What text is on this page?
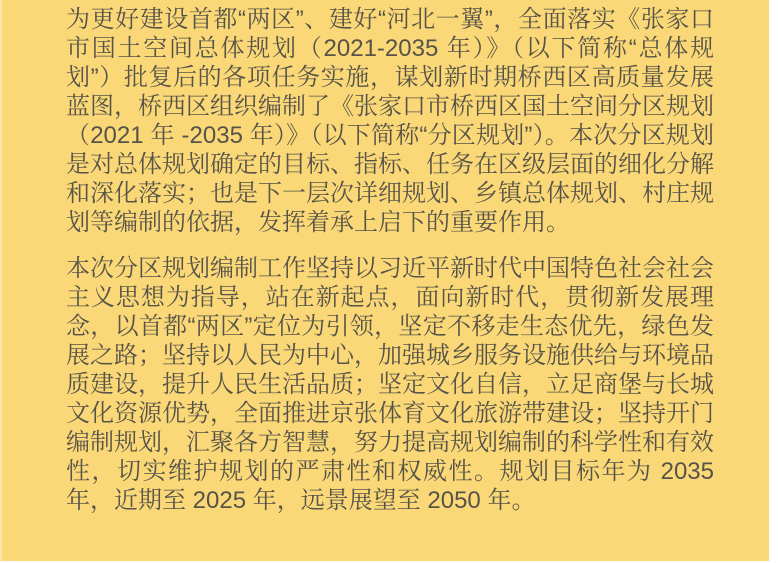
为更好建设首都“两区”、建好“河北一翼”，全面落实《张家口市国土空间总体规划（2021-2035 年）》（以下简称“总体规划”）批复后的各项任务实施，谋划新时期桥西区高质量发展蓝图，桥西区组织编制了《张家口市桥西区国土空间分区规划（2021 年 -2035 年）》（以下简称“分区规划”）。本次分区规划是对总体规划确定的目标、指标、任务在区级层面的细化分解和深化落实；也是下一层次详细规划、乡镇总体规划、村庄规划等编制的依据，发挥着承上启下的重要作用。

本次分区规划编制工作坚持以习近平新时代中国特色社会社会主义思想为指导，站在新起点，面向新时代，贯彻新发展理念，以首都“两区”定位为引领，坚定不移走生态优先，绿色发展之路；坚持以人民为中心，加强城乡服务设施供给与环境品质建设，提升人民生活品质；坚定文化自信，立足商堡与长城文化资源优势，全面推进京张体育文化旅游带建设；坚持开门编制规划，汇聚各方智慧，努力提高规划编制的科学性和有效性，切实维护规划的严肃性和权威性。规划目标年为 2035 年，近期至 2025 年，远景展望至 2050 年。
